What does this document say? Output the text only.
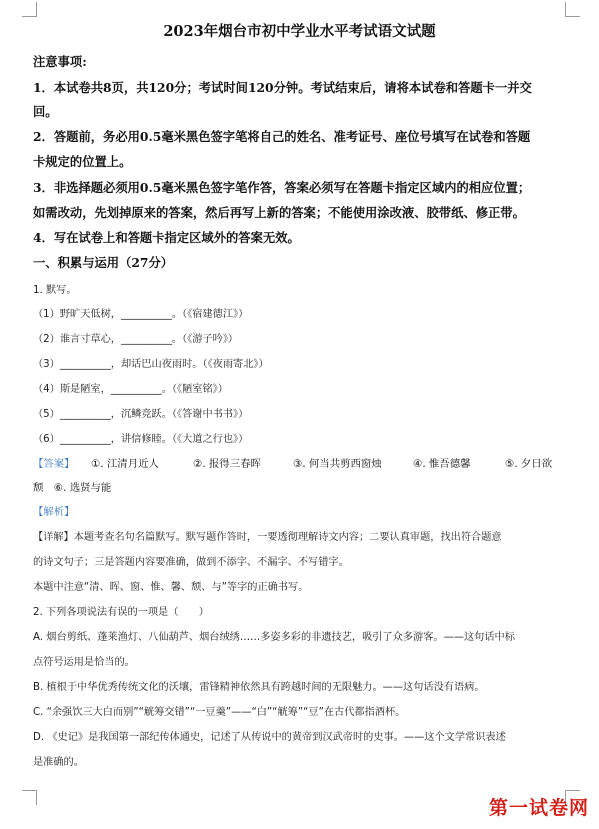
2023年烟台市初中学业水平考试语文试题
注意事项:
1．本试卷共8页，共120分；考试时间120分钟。考试结束后，请将本试卷和答题卡一并交
回。
2．答题前，务必用0.5毫米黑色签字笔将自己的姓名、准考证号、座位号填写在试卷和答题
卡规定的位置上。
3．非选择题必须用0.5毫米黑色签字笔作答，答案必须写在答题卡指定区域内的相应位置；
如需改动，先划掉原来的答案，然后再写上新的答案；不能使用涂改液、胶带纸、修正带。
4．写在试卷上和答题卡指定区域外的答案无效。
一、积累与运用（27分）
1. 默写。
（1）野旷天低树，__________。（《宿建德江》）
（2）谁言寸草心，__________。（《游子吟》）
（3）__________，却话巴山夜雨时。（《夜雨寄北》）
（4）斯是陋室，__________。（《陋室铭》）
（5）__________，沉鳞竞跃。（《答谢中书书》）
（6）__________，讲信修睦。（《大道之行也》）
【答案】 ①. 江清月近人	②. 报得三春晖	③. 何当共剪西窗烛	④. 惟吾德馨	⑤. 夕日欲
颓　⑥. 选贤与能
【解析】
【详解】本题考查名句名篇默写。默写题作答时，一要透彻理解诗文内容；二要认真审题，找出符合题意
的诗文句子；三是答题内容要准确，做到不添字、不漏字、不写错字。
本题中注意“清、晖、窗、惟、馨、颓、与”等字的正确书写。
2. 下列各项说法有误的一项是（　　）
A. 烟台剪纸、蓬莱渔灯、八仙葫芦、烟台绒绣……多姿多彩的非遗技艺，吸引了众多游客。——这句话中标
点符号运用是恰当的。
B. 植根于中华优秀传统文化的沃壤，雷锋精神依然具有跨越时间的无限魅力。——这句话没有语病。
C. “余强饮三大白而别”“觥筹交错”“一豆羹”——“白”“觥筹”“豆”在古代都指酒杯。
D. 《史记》是我国第一部纪传体通史，记述了从传说中的黄帝到汉武帝时的史事。——这个文学常识表述
是准确的。
第一试卷网
